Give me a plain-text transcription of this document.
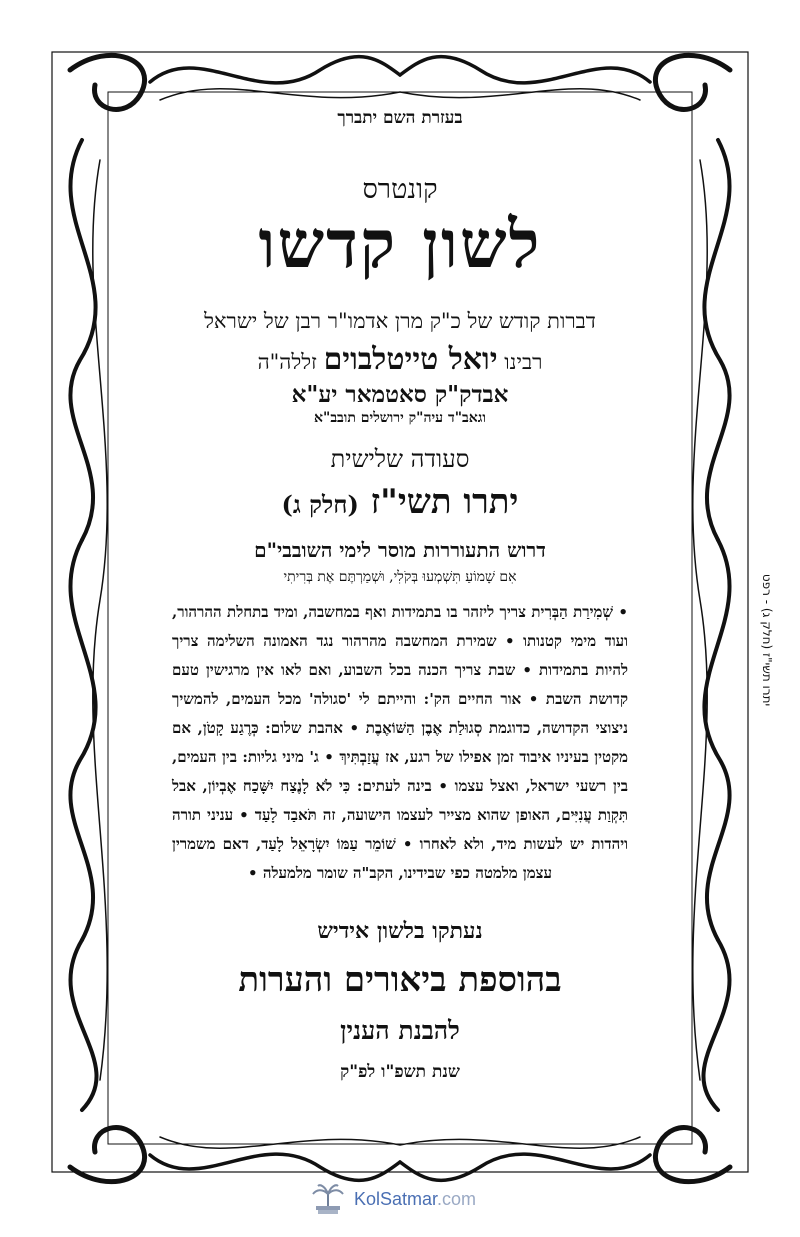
בעזרת השם יתברך
קונטרס
לשון קדשו
דברות קודש של כ"ק מרן אדמו"ר רבן של ישראל
רבינו יואל טייטלבוים זללה"ה
אבדק"ק סאטמאר יע"א
וגאב"ד עיה"ק ירושלים תובב"א
סעודה שלישית
יתרו תשי"ז (חלק ג)
דרוש התעוררות מוסר לימי השובבי"ם
אִם שָׁמוֹעַ תִּשְׁמְעוּ בְּקֹלִי, וּשְׁמַרְתֶּם אֶת בְּרִיתִי
• שְׁמִירַת הַבְּרִית צריך ליזהר בו בתמידות ואף במחשבה, ומיד בתחלת ההרהור, ועוד מימי קטנותו • שמירת המחשבה מהרהור נגד האמונה השלימה צריך להיות בתמידות • שבת צריך הכנה בכל השבוע, ואם לאו אין מרגישין טעם קדושת השבת • אור החיים הק': והייתם לי 'סגולה' מכל העמים, להמשיך ניצוצי הקדושה, כדוגמת סְגוּלַת אֶבֶן הַשּׁוֹאֶבֶת • אהבת שלום: כְּרֶגַע קָטֹן, אם מקטין בעיניו איבוד זמן אפילו של רגע, אז עֲזַבְתִּיךְ • ג' מיני גליות: בין העמים, בין רשעי ישראל, ואצל עצמו • בינה לעתים: כִּי לֹא לָנֶצַח יִשָּׁכַח אֶבְיוֹן, אבל תִּקְוַת עֲנִיִּים, האופן שהוא מצייר לעצמו הישועה, זה תֹּאבַד לָעַד • עניני תורה ויהדות יש לעשות מיד, ולא לאחרו • שׁוֹמֵר עַמּוֹ יִשְׂרָאֵל לָעַד, דאם משמרין עצמן מלמטה כפי שבידינו, הקב"ה שומר מלמעלה •
נעתקו בלשון אידיש
בהוספת ביאורים והערות
להבנת הענין
שנת תשפ"ו לפ"ק
יתרו תשי"ז (חלק ג) - רפט
KolSatmar.com
